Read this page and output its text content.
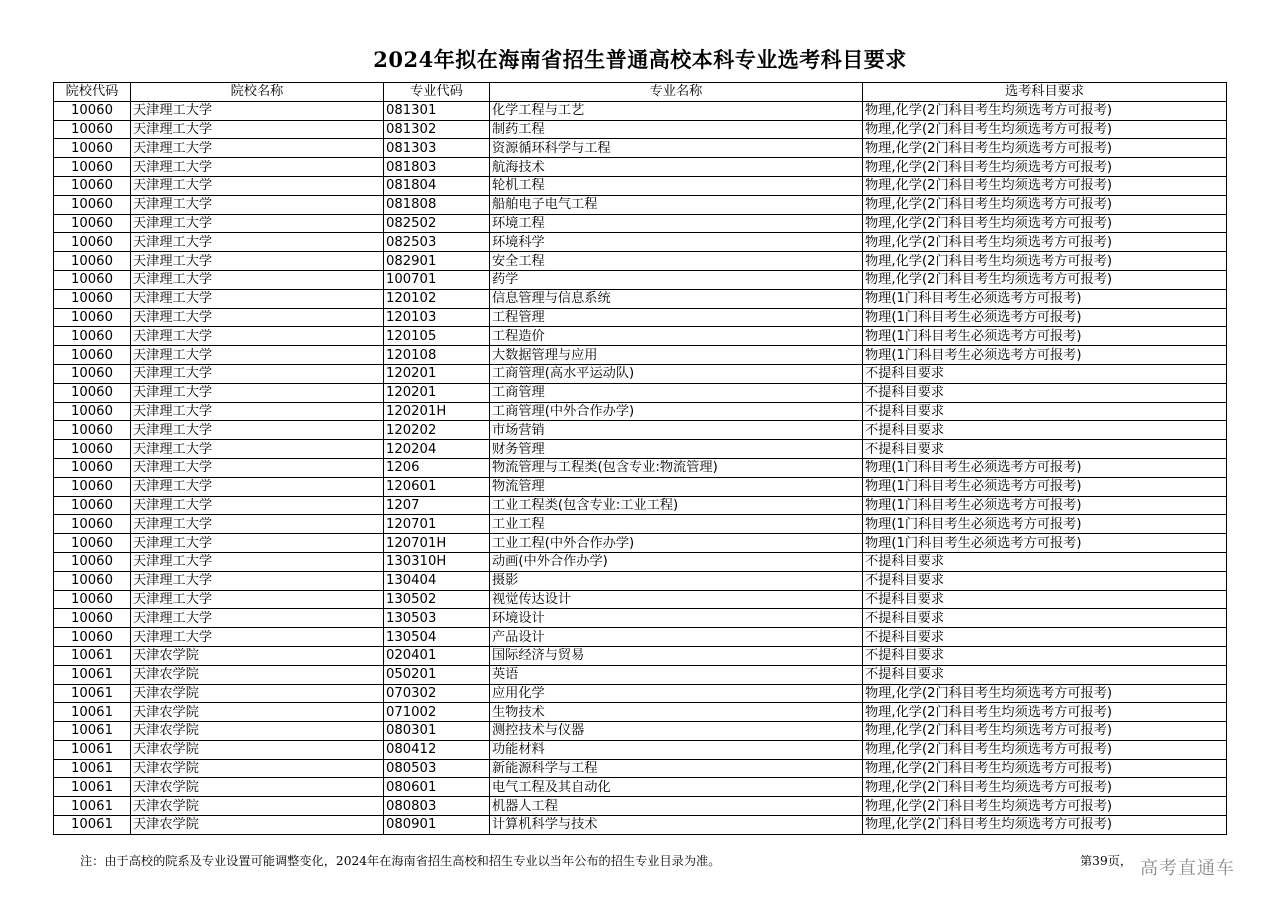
2024年拟在海南省招生普通高校本科专业选考科目要求
院校代码	院校名称	专业代码	专业名称	选考科目要求
10060	天津理工大学	081301	化学工程与工艺	物理,化学(2门科目考生均须选考方可报考)
10060	天津理工大学	081302	制药工程	物理,化学(2门科目考生均须选考方可报考)
10060	天津理工大学	081303	资源循环科学与工程	物理,化学(2门科目考生均须选考方可报考)
10060	天津理工大学	081803	航海技术	物理,化学(2门科目考生均须选考方可报考)
10060	天津理工大学	081804	轮机工程	物理,化学(2门科目考生均须选考方可报考)
10060	天津理工大学	081808	船舶电子电气工程	物理,化学(2门科目考生均须选考方可报考)
10060	天津理工大学	082502	环境工程	物理,化学(2门科目考生均须选考方可报考)
10060	天津理工大学	082503	环境科学	物理,化学(2门科目考生均须选考方可报考)
10060	天津理工大学	082901	安全工程	物理,化学(2门科目考生均须选考方可报考)
10060	天津理工大学	100701	药学	物理,化学(2门科目考生均须选考方可报考)
10060	天津理工大学	120102	信息管理与信息系统	物理(1门科目考生必须选考方可报考)
10060	天津理工大学	120103	工程管理	物理(1门科目考生必须选考方可报考)
10060	天津理工大学	120105	工程造价	物理(1门科目考生必须选考方可报考)
10060	天津理工大学	120108	大数据管理与应用	物理(1门科目考生必须选考方可报考)
10060	天津理工大学	120201	工商管理(高水平运动队)	不提科目要求
10060	天津理工大学	120201	工商管理	不提科目要求
10060	天津理工大学	120201H	工商管理(中外合作办学)	不提科目要求
10060	天津理工大学	120202	市场营销	不提科目要求
10060	天津理工大学	120204	财务管理	不提科目要求
10060	天津理工大学	1206	物流管理与工程类(包含专业:物流管理)	物理(1门科目考生必须选考方可报考)
10060	天津理工大学	120601	物流管理	物理(1门科目考生必须选考方可报考)
10060	天津理工大学	1207	工业工程类(包含专业:工业工程)	物理(1门科目考生必须选考方可报考)
10060	天津理工大学	120701	工业工程	物理(1门科目考生必须选考方可报考)
10060	天津理工大学	120701H	工业工程(中外合作办学)	物理(1门科目考生必须选考方可报考)
10060	天津理工大学	130310H	动画(中外合作办学)	不提科目要求
10060	天津理工大学	130404	摄影	不提科目要求
10060	天津理工大学	130502	视觉传达设计	不提科目要求
10060	天津理工大学	130503	环境设计	不提科目要求
10060	天津理工大学	130504	产品设计	不提科目要求
10061	天津农学院	020401	国际经济与贸易	不提科目要求
10061	天津农学院	050201	英语	不提科目要求
10061	天津农学院	070302	应用化学	物理,化学(2门科目考生均须选考方可报考)
10061	天津农学院	071002	生物技术	物理,化学(2门科目考生均须选考方可报考)
10061	天津农学院	080301	测控技术与仪器	物理,化学(2门科目考生均须选考方可报考)
10061	天津农学院	080412	功能材料	物理,化学(2门科目考生均须选考方可报考)
10061	天津农学院	080503	新能源科学与工程	物理,化学(2门科目考生均须选考方可报考)
10061	天津农学院	080601	电气工程及其自动化	物理,化学(2门科目考生均须选考方可报考)
10061	天津农学院	080803	机器人工程	物理,化学(2门科目考生均须选考方可报考)
10061	天津农学院	080901	计算机科学与技术	物理,化学(2门科目考生均须选考方可报考)
注：由于高校的院系及专业设置可能调整变化，2024年在海南省招生高校和招生专业以当年公布的招生专业目录为准。	第39页， 高考直通车
